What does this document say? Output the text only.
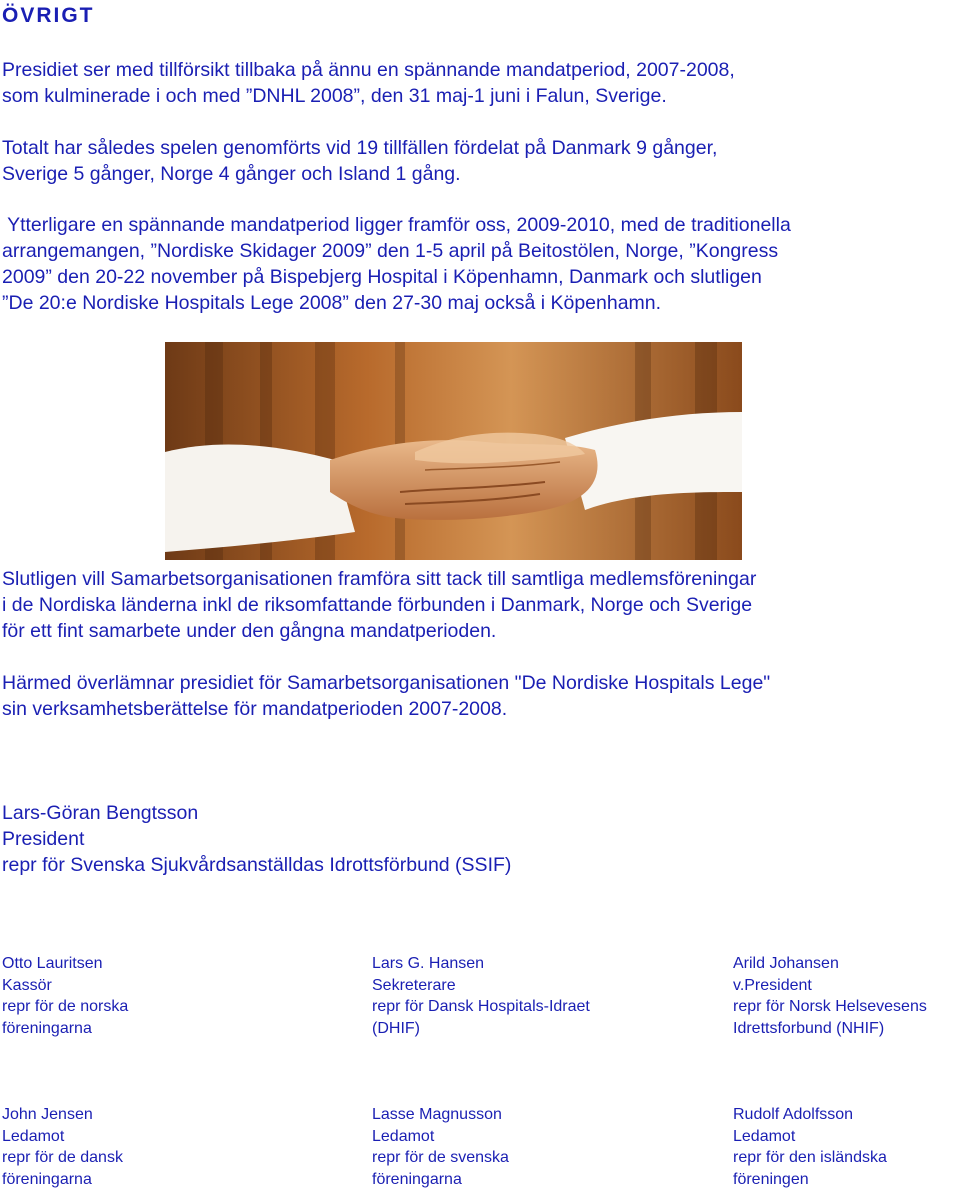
ÖVRIGT

Presidiet ser med tillförsikt tillbaka på ännu en spännande mandatperiod, 2007-2008,
som kulminerade i och med ”DNHL 2008”, den 31 maj-1 juni i Falun, Sverige.

Totalt har således spelen genomförts vid 19 tillfällen fördelat på Danmark 9 gånger,
Sverige 5 gånger, Norge 4 gånger och Island 1 gång.

Ytterligare en spännande mandatperiod ligger framför oss, 2009-2010, med de traditionella
arrangemangen, ”Nordiske Skidager 2009” den 1-5 april på Beitostölen, Norge, ”Kongress
2009” den 20-22 november på Bispebjerg Hospital i Köpenhamn, Danmark och slutligen
”De 20:e Nordiske Hospitals Lege 2008” den 27-30 maj också i Köpenhamn.

Slutligen vill Samarbetsorganisationen framföra sitt tack till samtliga medlemsföreningar
i de Nordiska länderna inkl de riksomfattande förbunden i Danmark, Norge och Sverige
för ett fint samarbete under den gångna mandatperioden.

Härmed överlämnar presidiet för Samarbetsorganisationen "De Nordiske Hospitals Lege"
sin verksamhetsberättelse för mandatperioden 2007-2008.

Lars-Göran Bengtsson
President
repr för Svenska Sjukvårdsanställdas Idrottsförbund (SSIF)

Otto Lauritsen
Kassör
repr för de norska
föreningarna
Lars G. Hansen
Sekreterare
repr för Dansk Hospitals-Idraet
(DHIF)
Arild Johansen
v.President
repr för Norsk Helsevesens
Idrettsforbund (NHIF)
John Jensen
Ledamot
repr för de dansk
föreningarna
Lasse Magnusson
Ledamot
repr för de svenska
föreningarna
Rudolf Adolfsson
Ledamot
repr för den isländska
föreningen
